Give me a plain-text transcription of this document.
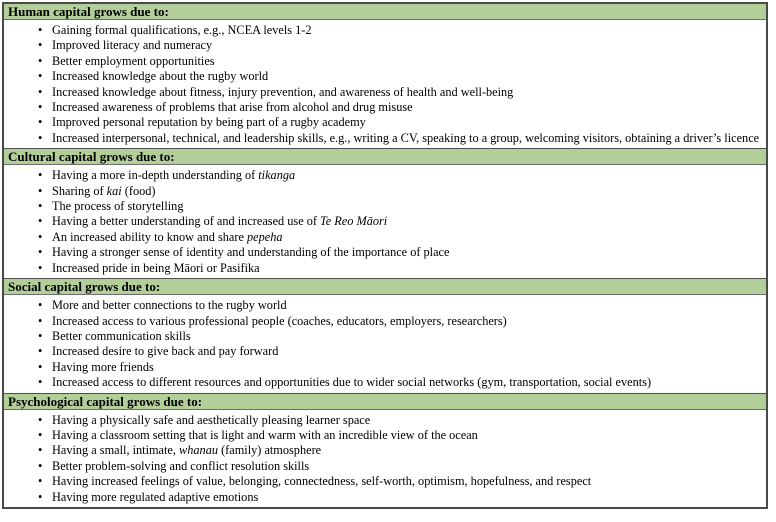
Human capital grows due to:
• Gaining formal qualifications, e.g., NCEA levels 1-2
• Improved literacy and numeracy
• Better employment opportunities
• Increased knowledge about the rugby world
• Increased knowledge about fitness, injury prevention, and awareness of health and well-being
• Increased awareness of problems that arise from alcohol and drug misuse
• Improved personal reputation by being part of a rugby academy
• Increased interpersonal, technical, and leadership skills, e.g., writing a CV, speaking to a group, welcoming visitors, obtaining a driver’s licence
Cultural capital grows due to:
• Having a more in-depth understanding of tikanga
• Sharing of kai (food)
• The process of storytelling
• Having a better understanding of and increased use of Te Reo Māori
• An increased ability to know and share pepeha
• Having a stronger sense of identity and understanding of the importance of place
• Increased pride in being Māori or Pasifika
Social capital grows due to:
• More and better connections to the rugby world
• Increased access to various professional people (coaches, educators, employers, researchers)
• Better communication skills
• Increased desire to give back and pay forward
• Having more friends
• Increased access to different resources and opportunities due to wider social networks (gym, transportation, social events)
Psychological capital grows due to:
• Having a physically safe and aesthetically pleasing learner space
• Having a classroom setting that is light and warm with an incredible view of the ocean
• Having a small, intimate, whanau (family) atmosphere
• Better problem-solving and conflict resolution skills
• Having increased feelings of value, belonging, connectedness, self-worth, optimism, hopefulness, and respect
• Having more regulated adaptive emotions
